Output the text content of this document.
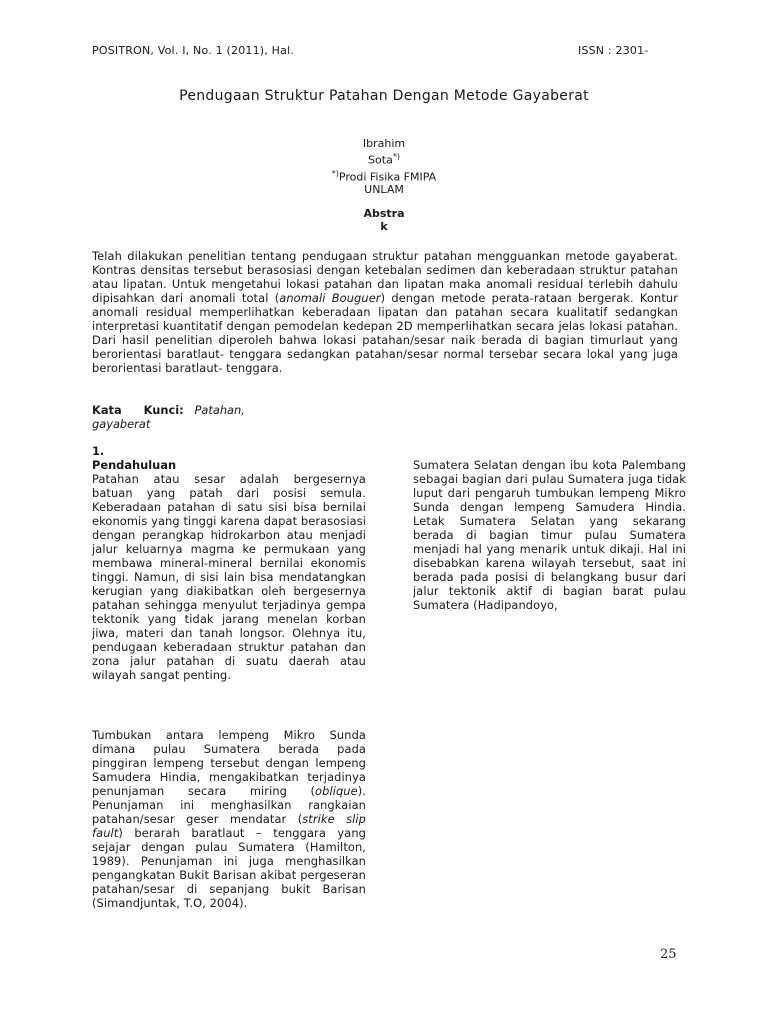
POSITRON, Vol. I, No. 1 (2011), Hal.	ISSN : 2301-
Pendugaan Struktur Patahan Dengan Metode Gayaberat
Ibrahim
Sota*)
*)Prodi Fisika FMIPA
UNLAM
Abstra
k
Telah dilakukan penelitian tentang pendugaan struktur patahan mengguankan metode gayaberat. Kontras densitas tersebut berasosiasi dengan ketebalan sedimen dan keberadaan struktur patahan atau lipatan. Untuk mengetahui lokasi patahan dan lipatan maka anomali residual terlebih dahulu dipisahkan dari anomali total (anomali Bouguer) dengan metode perata-rataan bergerak. Kontur anomali residual memperlihatkan keberadaan lipatan dan patahan secara kualitatif sedangkan interpretasi kuantitatif dengan pemodelan kedepan 2D memperlihatkan secara jelas lokasi patahan. Dari hasil penelitian diperoleh bahwa lokasi patahan/sesar naik berada di bagian timurlaut yang berorientasi baratlaut- tenggara sedangkan patahan/sesar normal tersebar secara lokal yang juga berorientasi baratlaut- tenggara.
Kata Kunci: Patahan, gayaberat
1.
Pendahuluan

Patahan atau sesar adalah bergesernya batuan yang patah dari posisi semula. Keberadaan patahan di satu sisi bisa bernilai ekonomis yang tinggi karena dapat berasosiasi dengan perangkap hidrokarbon atau menjadi jalur keluarnya magma ke permukaan yang membawa mineral-mineral bernilai ekonomis tinggi. Namun, di sisi lain bisa mendatangkan kerugian yang diakibatkan oleh bergesernya patahan sehingga menyulut terjadinya gempa tektonik yang tidak jarang menelan korban jiwa, materi dan tanah longsor. Olehnya itu, pendugaan keberadaan struktur patahan dan zona jalur patahan di suatu daerah atau wilayah sangat penting.

Tumbukan antara lempeng Mikro Sunda dimana pulau Sumatera berada pada pinggiran lempeng tersebut dengan lempeng Samudera Hindia, mengakibatkan terjadinya penunjaman secara miring (oblique). Penunjaman ini menghasilkan rangkaian patahan/sesar geser mendatar (strike slip fault) berarah baratlaut – tenggara yang sejajar dengan pulau Sumatera (Hamilton, 1989). Penunjaman ini juga menghasilkan pengangkatan Bukit Barisan akibat pergeseran patahan/sesar di sepanjang bukit Barisan (Simandjuntak, T.O, 2004).

Sumatera Selatan dengan ibu kota Palembang sebagai bagian dari pulau Sumatera juga tidak luput dari pengaruh tumbukan lempeng Mikro Sunda dengan lempeng Samudera Hindia. Letak Sumatera Selatan yang sekarang berada di bagian timur pulau Sumatera menjadi hal yang menarik untuk dikaji. Hal ini disebabkan karena wilayah tersebut, saat ini berada pada posisi di belangkang busur dari jalur tektonik aktif di bagian barat pulau Sumatera (Hadipandoyo,

25
